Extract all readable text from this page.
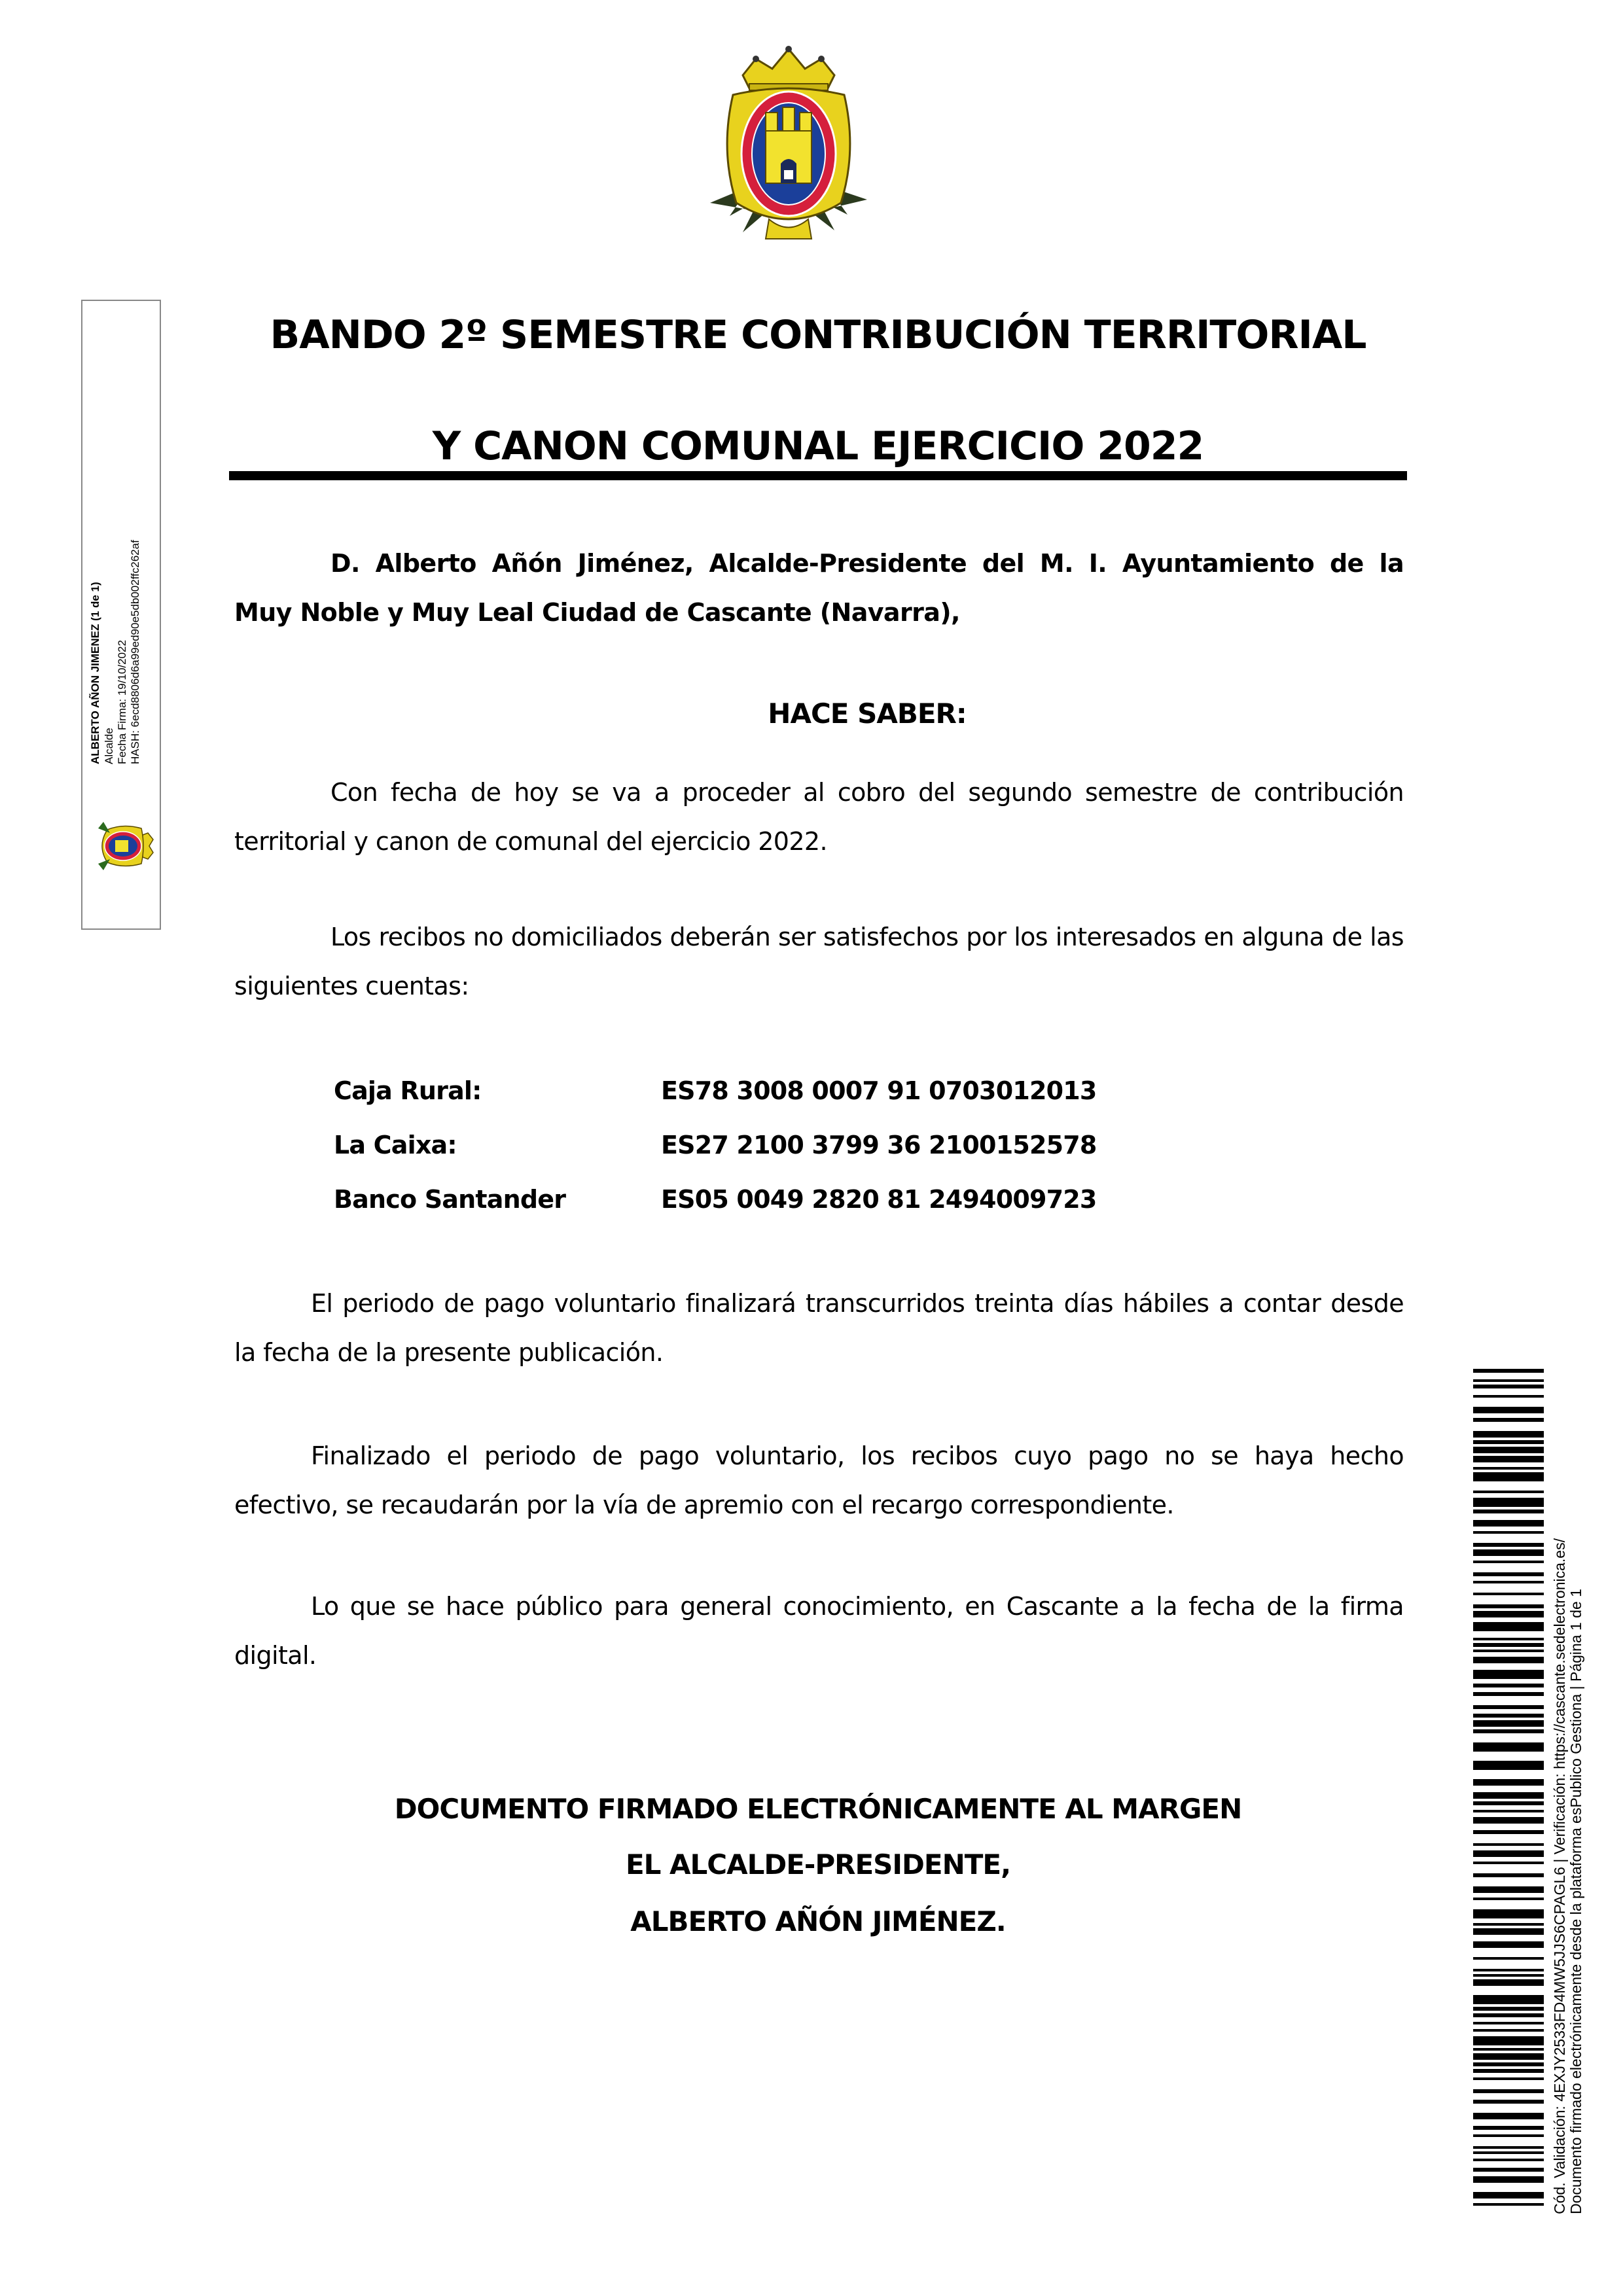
BANDO 2º SEMESTRE CONTRIBUCIÓN TERRITORIAL
Y CANON COMUNAL EJERCICIO 2022
D. Alberto Añón Jiménez, Alcalde-Presidente del M. I. Ayuntamiento de la
Muy Noble y Muy Leal Ciudad de Cascante (Navarra),
HACE SABER:
Con fecha de hoy se va a proceder al cobro del segundo semestre de contribución
territorial y canon de comunal del ejercicio 2022.
Los recibos no domiciliados deberán ser satisfechos por los interesados en alguna de las
siguientes cuentas:
Caja Rural:	ES78 3008 0007 91 0703012013
La Caixa:	ES27 2100 3799 36 2100152578
Banco Santander	ES05 0049 2820 81 2494009723
El periodo de pago voluntario finalizará transcurridos treinta días hábiles a contar desde
la fecha de la presente publicación.
Finalizado el periodo de pago voluntario, los recibos cuyo pago no se haya hecho
efectivo, se recaudarán por la vía de apremio con el recargo correspondiente.
Lo que se hace público para general conocimiento, en Cascante a la fecha de la firma
digital.
DOCUMENTO FIRMADO ELECTRÓNICAMENTE AL MARGEN
EL ALCALDE-PRESIDENTE,
ALBERTO AÑÓN JIMÉNEZ.
ALBERTO AÑON JIMENEZ (1 de 1) Alcalde Fecha Firma: 19/10/2022 HASH: 6ecd8806d6a99ed90e5db002ffc262af
Cód. Validación: 4EXJY2533FD4MW5JJS6CPAGL6 | Verificación: https://cascante.sedelectronica.es/ Documento firmado electrónicamente desde la plataforma esPublico Gestiona | Página 1 de 1
